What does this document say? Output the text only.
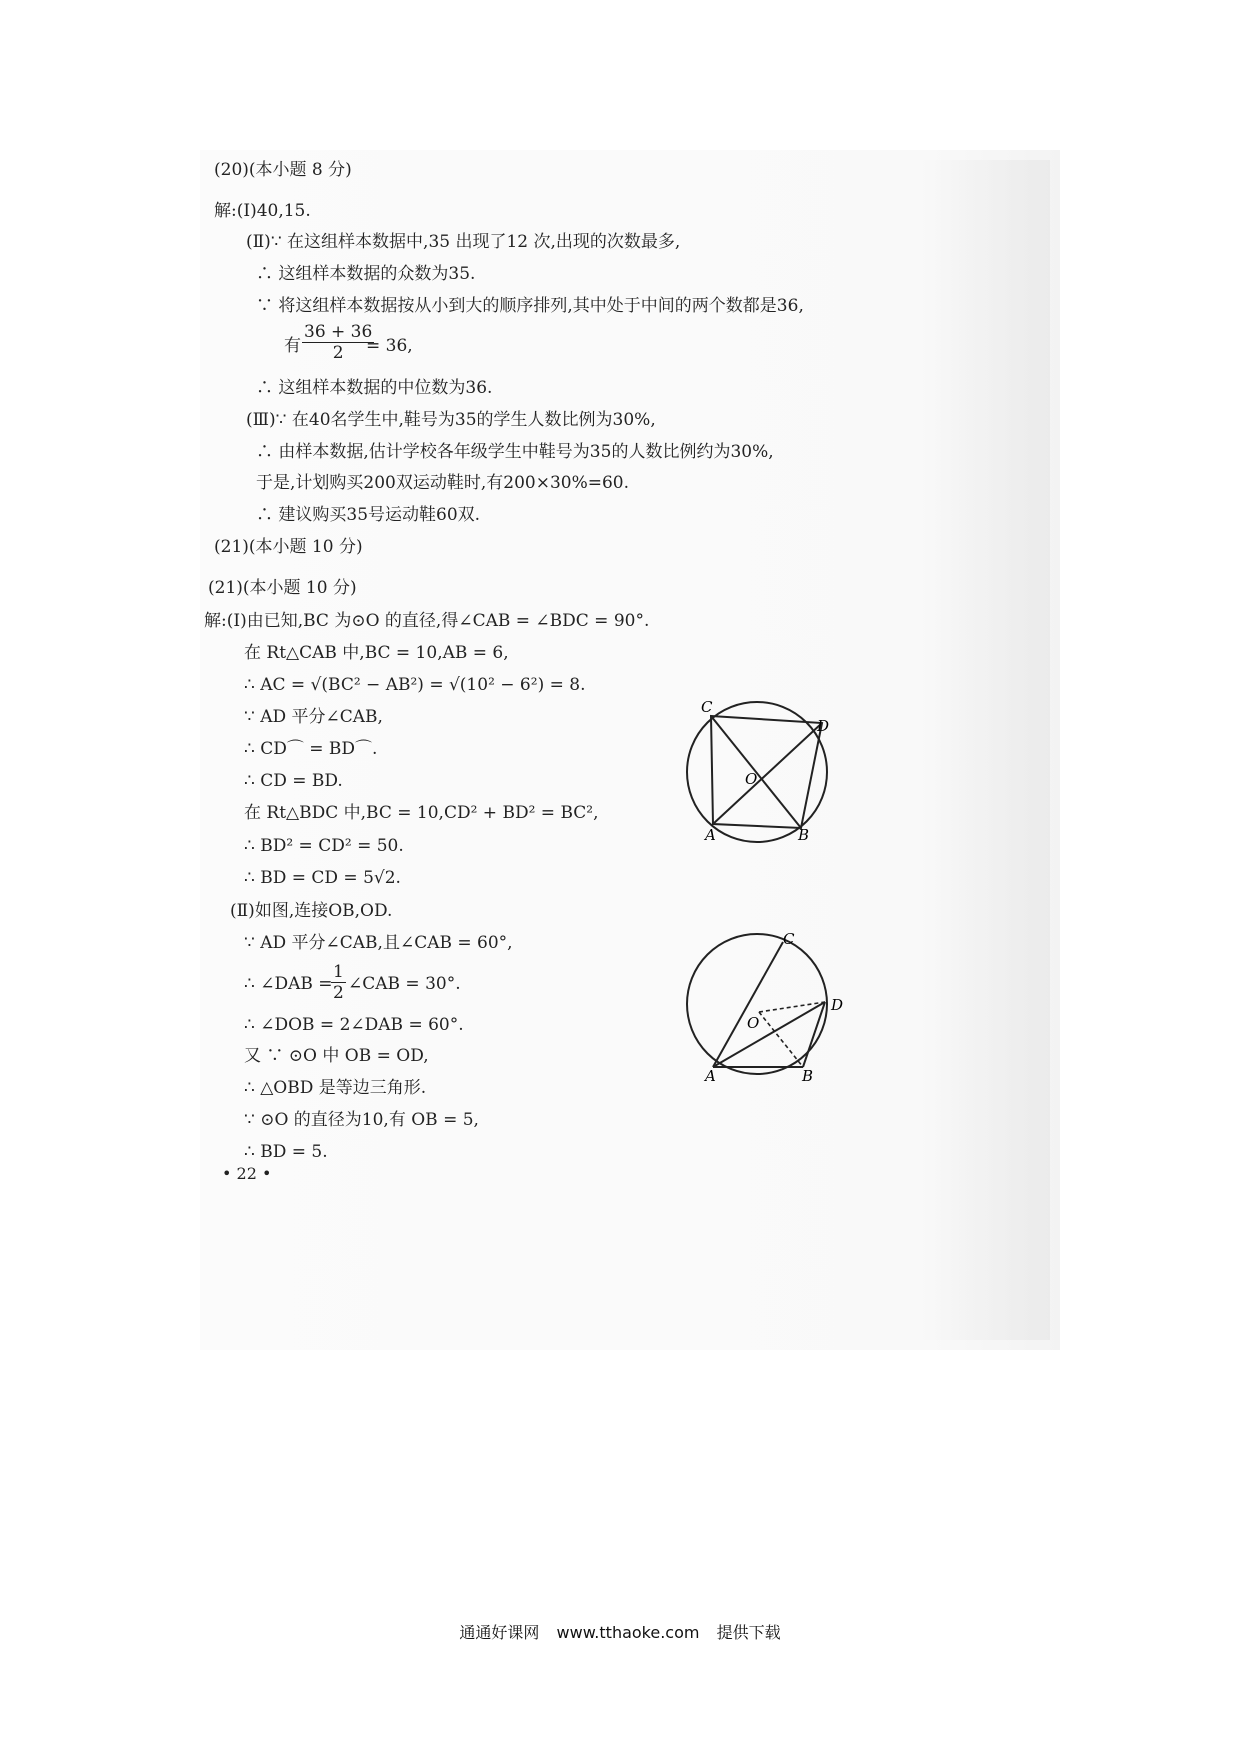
(20)(本小题 8 分)
解:(Ⅰ)40,15.
(Ⅱ)∵ 在这组样本数据中,35 出现了12 次,出现的次数最多,
∴ 这组样本数据的众数为35.
∵ 将这组样本数据按从小到大的顺序排列,其中处于中间的两个数都是36,
有 $\frac{36 + 36}{2}$
= 36,
∴ 这组样本数据的中位数为36.
(Ⅲ)∵ 在40名学生中,鞋号为35的学生人数比例为30%,
∴ 由样本数据,估计学校各年级学生中鞋号为35的人数比例约为30%,
于是,计划购买200双运动鞋时,有200×30%=60.
∴ 建议购买35号运动鞋60双.
(21)(本小题 10 分)
(21)(本小题 10 分)
解:(Ⅰ)由已知,BC 为⊙O 的直径,得∠CAB = ∠BDC = 90°.
在 Rt△CAB 中,BC = 10,AB = 6,
∴ AC = √(BC² − AB²) = √(10² − 6²) = 8.
∵ AD 平分∠CAB,
∴ CD⌒ = BD⌒.
∴ CD = BD.
在 Rt△BDC 中,BC = 10,CD² + BD² = BC²,
∴ BD² = CD² = 50.
∴ BD = CD = 5√2.
(Ⅱ)如图,连接OB,OD.
∵ AD 平分∠CAB,且∠CAB = 60°,
∴ ∠DAB =
$\frac{1}{2}$ ∠CAB = 30°.
∴ ∠DOB = 2∠DAB = 60°.
又 ∵ ⊙O 中 OB = OD,
∴ △OBD 是等边三角形.
∵ ⊙O 的直径为10,有 OB = 5,
∴ BD = 5.
• 22 •
C
D
O
A	B
C
D
O
A	B
通通好课网 www.tthaoke.com 提供下载
